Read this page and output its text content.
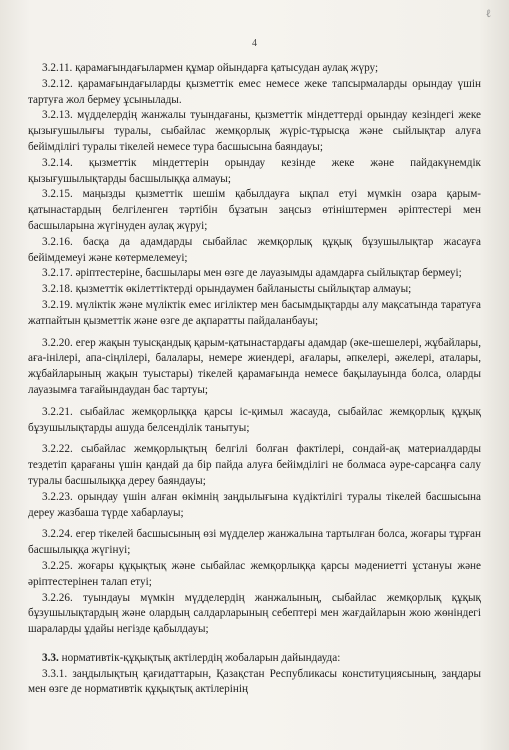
ℓ
4

3.2.11. қарамағындағылармен құмар ойындарға қатысудан аулақ жүру;

3.2.12. қарамағындағыларды қызметтік емес немесе жеке тапсырмаларды орындау үшін тартуға жол бермеу ұсынылады.

3.2.13. мүдделердің жанжалы туындағаны, қызметтік міндеттерді орындау кезіндегі жеке қызығушылығы туралы, сыбайлас жемқорлық жүріс-тұрысқа және сыйлықтар алуға бейімділігі туралы тікелей немесе тура басшысына баяндауы;

3.2.14. қызметтік міндеттерін орындау кезінде жеке және пайдакүнемдік қызығушылықтарды басшылыққа алмауы;

3.2.15. маңызды қызметтік шешім қабылдауға ықпал етуі мүмкін озара қарым-қатынастардың белгіленген тәртібін бұзатын заңсыз өтініштермен әріптестері мен басшыларына жүгінуден аулақ жүруі;

3.2.16. басқа да адамдарды сыбайлас жемқорлық құқық бұзушылықтар жасауға бейімдемеуі және көтермелемеуі;

3.2.17. әріптестеріне, басшылары мен өзге де лауазымды адамдарға сыйлықтар бермеуі;

3.2.18. қызметтік өкілеттіктерді орындаумен байланысты сыйлықтар алмауы;

3.2.19. мүліктік және мүліктік емес игіліктер мен басымдықтарды алу мақсатында таратуға жатпайтын қызметтік және өзге де ақпаратты пайдаланбауы;

3.2.20. егер жақын туысқандық қарым-қатынастардағы адамдар (әке-шешелері, жұбайлары, аға-інілері, апа-сіңлілері, балалары, немере жиендері, ағалары, әпкелері, әжелері, аталары, жұбайларының жақын туыстары) тікелей қарамағында немесе бақылауында болса, оларды лауазымға тағайындаудан бас тартуы;

3.2.21. сыбайлас жемқорлыққа қарсы іс-қимыл жасауда, сыбайлас жемқорлық құқық бұзушылықтарды ашуда белсенділік танытуы;

3.2.22. сыбайлас жемқорлықтың белгілі болған фактілері, сондай-ақ материалдарды тездетіп қарағаны үшін қандай да бір пайда алуға бейімділігі не болмаса әуре-сарсаңға салу туралы басшылыққа дереу баяндауы;

3.2.23. орындау үшін алған өкімнің заңдылығына күдіктілігі туралы тікелей басшысына дереу жазбаша түрде хабарлауы;

3.2.24. егер тікелей басшысының өзі мүдделер жанжалына тартылған болса, жоғары тұрған басшылыққа жүгінуі;

3.2.25. жоғары құқықтық және сыбайлас жемқорлыққа қарсы мәдениетті ұстануы және әріптестерінен талап етуі;

3.2.26. туындауы мүмкін мүдделердің жанжалының, сыбайлас жемқорлық құқық бұзушылықтардың және олардың салдарларының себептері мен жағдайларын жою жөніндегі шараларды ұдайы негізде қабылдауы;

3.3. нормативтік-құқықтық актілердің жобаларын дайындауда:

3.3.1. заңдылықтың қағидаттарын, Қазақстан Республикасы конституциясының, заңдары мен өзге де нормативтік құқықтық актілерінің
